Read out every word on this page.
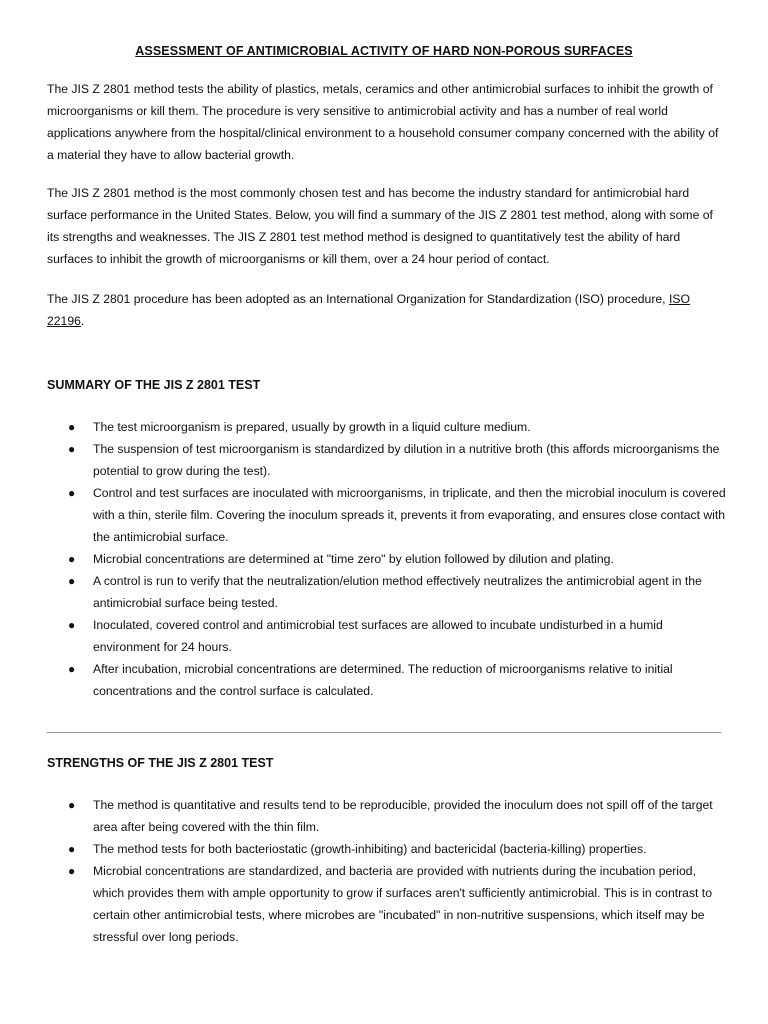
ASSESSMENT OF ANTIMICROBIAL ACTIVITY OF HARD NON-POROUS SURFACES

The JIS Z 2801 method tests the ability of plastics, metals, ceramics and other antimicrobial surfaces to inhibit the growth of microorganisms or kill them. The procedure is very sensitive to antimicrobial activity and has a number of real world applications anywhere from the hospital/clinical environment to a household consumer company concerned with the ability of a material they have to allow bacterial growth.

The JIS Z 2801 method is the most commonly chosen test and has become the industry standard for antimicrobial hard surface performance in the United States. Below, you will find a summary of the JIS Z 2801 test method, along with some of its strengths and weaknesses. The JIS Z 2801 test method method is designed to quantitatively test the ability of hard surfaces to inhibit the growth of microorganisms or kill them, over a 24 hour period of contact.

The JIS Z 2801 procedure has been adopted as an International Organization for Standardization (ISO) procedure, ISO 22196.

SUMMARY OF THE JIS Z 2801 TEST
● The test microorganism is prepared, usually by growth in a liquid culture medium.
● The suspension of test microorganism is standardized by dilution in a nutritive broth (this affords microorganisms the potential to grow during the test).
● Control and test surfaces are inoculated with microorganisms, in triplicate, and then the microbial inoculum is covered with a thin, sterile film. Covering the inoculum spreads it, prevents it from evaporating, and ensures close contact with the antimicrobial surface.
● Microbial concentrations are determined at "time zero" by elution followed by dilution and plating.
● A control is run to verify that the neutralization/elution method effectively neutralizes the antimicrobial agent in the antimicrobial surface being tested.
● Inoculated, covered control and antimicrobial test surfaces are allowed to incubate undisturbed in a humid environment for 24 hours.
● After incubation, microbial concentrations are determined. The reduction of microorganisms relative to initial concentrations and the control surface is calculated.
STRENGTHS OF THE JIS Z 2801 TEST
● The method is quantitative and results tend to be reproducible, provided the inoculum does not spill off of the target area after being covered with the thin film.
● The method tests for both bacteriostatic (growth-inhibiting) and bactericidal (bacteria-killing) properties.
● Microbial concentrations are standardized, and bacteria are provided with nutrients during the incubation period, which provides them with ample opportunity to grow if surfaces aren't sufficiently antimicrobial. This is in contrast to certain other antimicrobial tests, where microbes are "incubated" in non-nutritive suspensions, which itself may be stressful over long periods.
